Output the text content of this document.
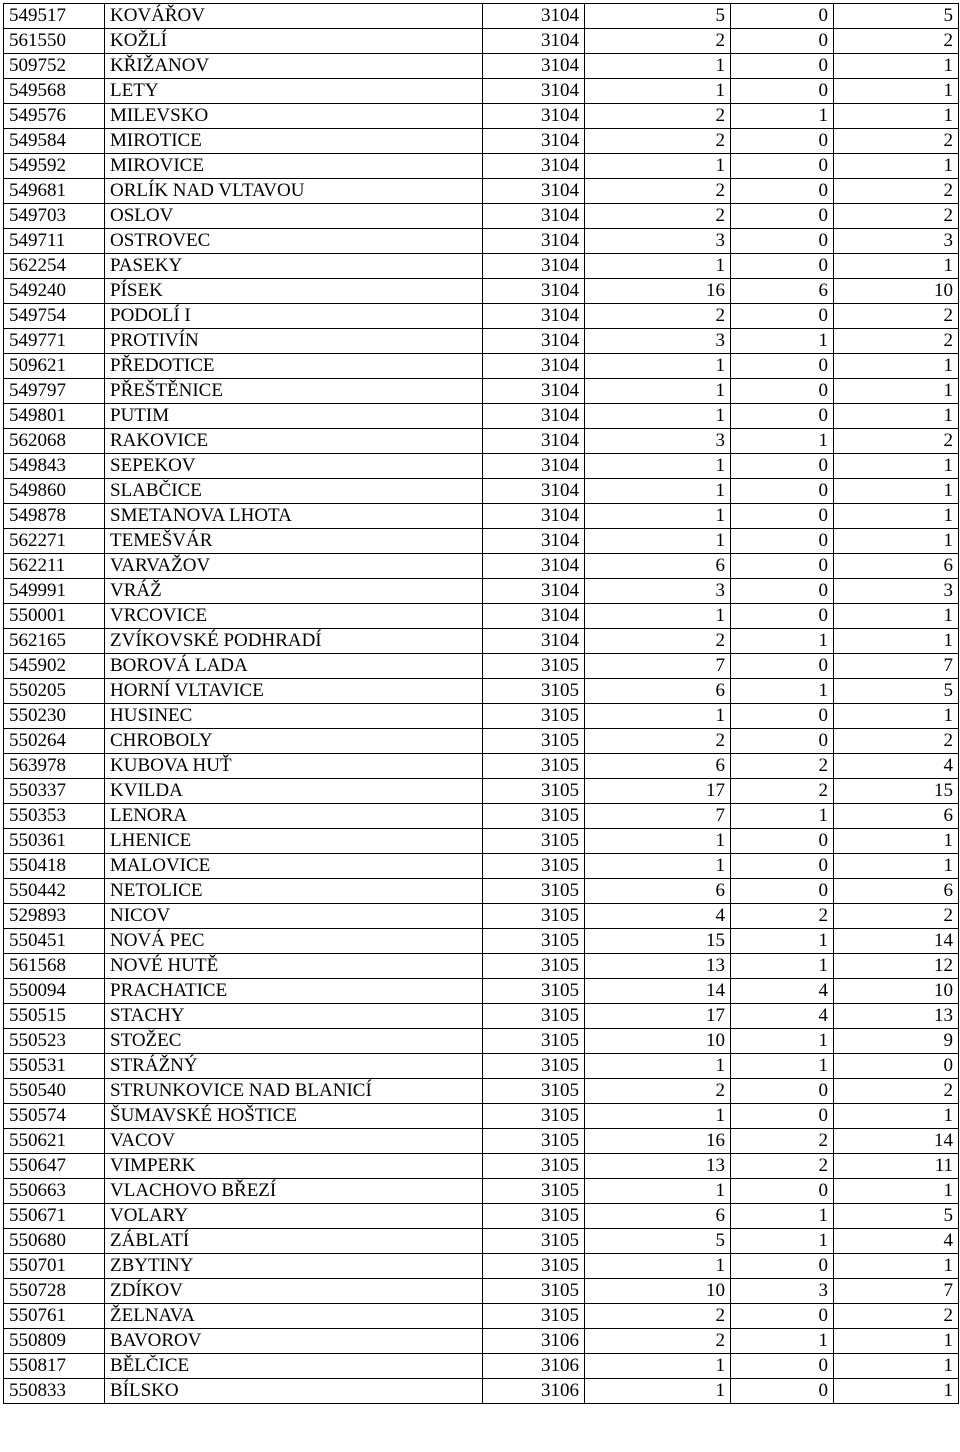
549517	KOVÁŘOV	3104	5	0	5
561550	KOŽLÍ	3104	2	0	2
509752	KŘIŽANOV	3104	1	0	1
549568	LETY	3104	1	0	1
549576	MILEVSKO	3104	2	1	1
549584	MIROTICE	3104	2	0	2
549592	MIROVICE	3104	1	0	1
549681	ORLÍK NAD VLTAVOU	3104	2	0	2
549703	OSLOV	3104	2	0	2
549711	OSTROVEC	3104	3	0	3
562254	PASEKY	3104	1	0	1
549240	PÍSEK	3104	16	6	10
549754	PODOLÍ I	3104	2	0	2
549771	PROTIVÍN	3104	3	1	2
509621	PŘEDOTICE	3104	1	0	1
549797	PŘEŠTĚNICE	3104	1	0	1
549801	PUTIM	3104	1	0	1
562068	RAKOVICE	3104	3	1	2
549843	SEPEKOV	3104	1	0	1
549860	SLABČICE	3104	1	0	1
549878	SMETANOVA LHOTA	3104	1	0	1
562271	TEMEŠVÁR	3104	1	0	1
562211	VARVAŽOV	3104	6	0	6
549991	VRÁŽ	3104	3	0	3
550001	VRCOVICE	3104	1	0	1
562165	ZVÍKOVSKÉ PODHRADÍ	3104	2	1	1
545902	BOROVÁ LADA	3105	7	0	7
550205	HORNÍ VLTAVICE	3105	6	1	5
550230	HUSINEC	3105	1	0	1
550264	CHROBOLY	3105	2	0	2
563978	KUBOVA HUŤ	3105	6	2	4
550337	KVILDA	3105	17	2	15
550353	LENORA	3105	7	1	6
550361	LHENICE	3105	1	0	1
550418	MALOVICE	3105	1	0	1
550442	NETOLICE	3105	6	0	6
529893	NICOV	3105	4	2	2
550451	NOVÁ PEC	3105	15	1	14
561568	NOVÉ HUTĚ	3105	13	1	12
550094	PRACHATICE	3105	14	4	10
550515	STACHY	3105	17	4	13
550523	STOŽEC	3105	10	1	9
550531	STRÁŽNÝ	3105	1	1	0
550540	STRUNKOVICE NAD BLANICÍ	3105	2	0	2
550574	ŠUMAVSKÉ HOŠTICE	3105	1	0	1
550621	VACOV	3105	16	2	14
550647	VIMPERK	3105	13	2	11
550663	VLACHOVO BŘEZÍ	3105	1	0	1
550671	VOLARY	3105	6	1	5
550680	ZÁBLATÍ	3105	5	1	4
550701	ZBYTINY	3105	1	0	1
550728	ZDÍKOV	3105	10	3	7
550761	ŽELNAVA	3105	2	0	2
550809	BAVOROV	3106	2	1	1
550817	BĚLČICE	3106	1	0	1
550833	BÍLSKO	3106	1	0	1
